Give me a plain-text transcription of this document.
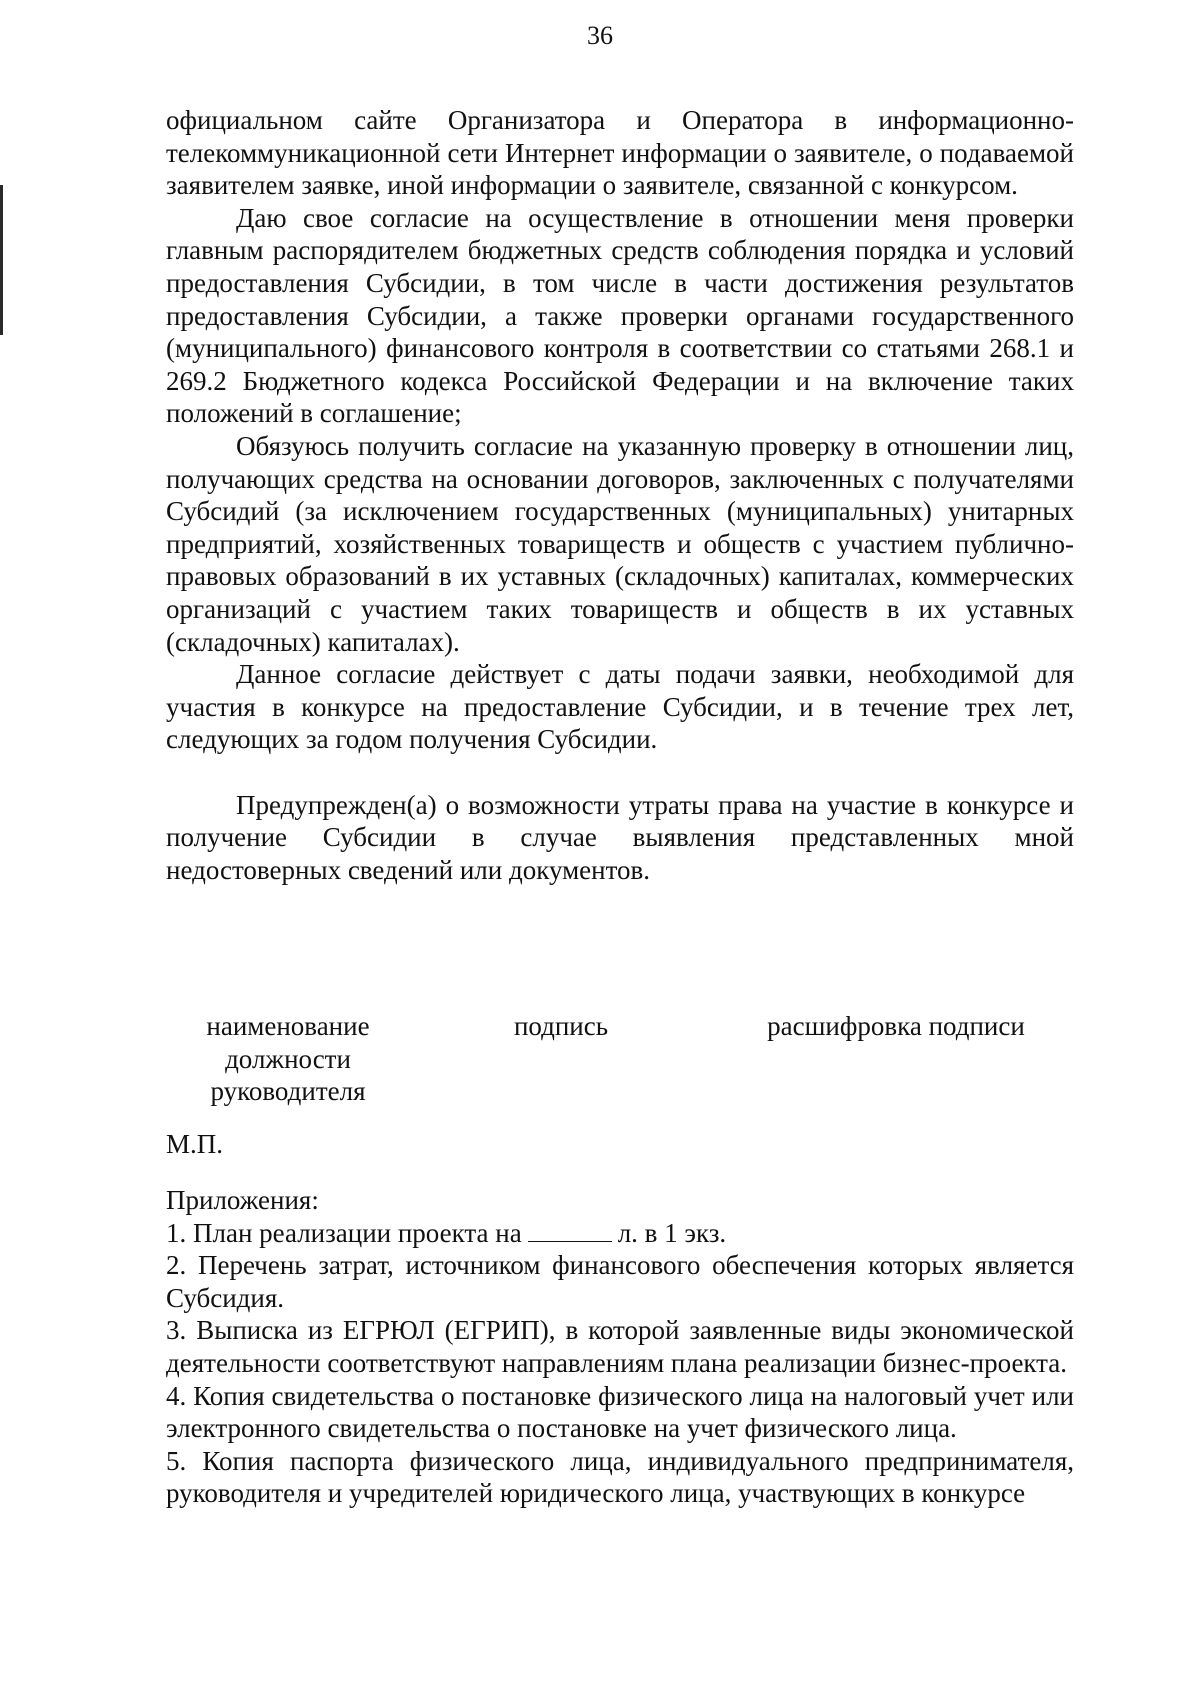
36

официальном сайте Организатора и Оператора в информационно-телекоммуникационной сети Интернет информации о заявителе, о подаваемой заявителем заявке, иной информации о заявителе, связанной с конкурсом.

Даю свое согласие на осуществление в отношении меня проверки главным распорядителем бюджетных средств соблюдения порядка и условий предоставления Субсидии, в том числе в части достижения результатов предоставления Субсидии, а также проверки органами государственного (муниципального) финансового контроля в соответствии со статьями 268.1 и 269.2 Бюджетного кодекса Российской Федерации и на включение таких положений в соглашение;

Обязуюсь получить согласие на указанную проверку в отношении лиц, получающих средства на основании договоров, заключенных с получателями Субсидий (за исключением государственных (муниципальных) унитарных предприятий, хозяйственных товариществ и обществ с участием публично-правовых образований в их уставных (складочных) капиталах, коммерческих организаций с участием таких товариществ и обществ в их уставных (складочных) капиталах).

Данное согласие действует с даты подачи заявки, необходимой для участия в конкурсе на предоставление Субсидии, и в течение трех лет, следующих за годом получения Субсидии.

Предупрежден(а) о возможности утраты права на участие в конкурсе и получение Субсидии в случае выявления представленных мной недостоверных сведений или документов.

наименование
должности
руководителя
подпись	расшифровка подписи
М.П.

Приложения:

1. План реализации проекта на	л. в 1 экз.

2. Перечень затрат, источником финансового обеспечения которых является Субсидия.

3. Выписка из ЕГРЮЛ (ЕГРИП), в которой заявленные виды экономической деятельности соответствуют направлениям плана реализации бизнес-проекта.

4. Копия свидетельства о постановке физического лица на налоговый учет или электронного свидетельства о постановке на учет физического лица.

5. Копия паспорта физического лица, индивидуального предпринимателя, руководителя и учредителей юридического лица, участвующих в конкурсе
